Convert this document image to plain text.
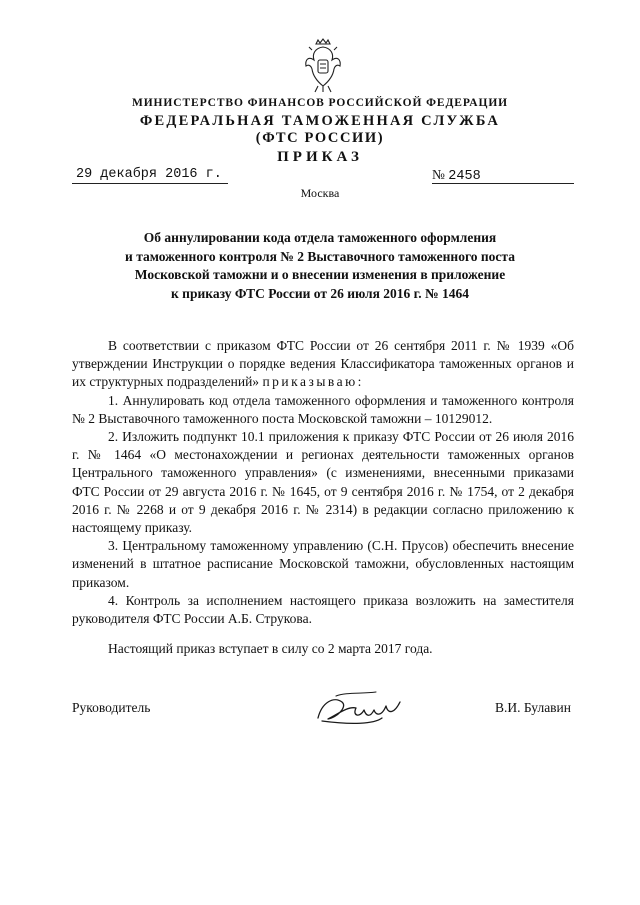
МИНИСТЕРСТВО ФИНАНСОВ РОССИЙСКОЙ ФЕДЕРАЦИИ
ФЕДЕРАЛЬНАЯ ТАМОЖЕННАЯ СЛУЖБА
(ФТС РОССИИ)
ПРИКАЗ
29 декабря 2016 г.	№ 2458
Москва
Об аннулировании кода отдела таможенного оформления
и таможенного контроля № 2 Выставочного таможенного поста
Московской таможни и о внесении изменения в приложение
к приказу ФТС России от 26 июля 2016 г. № 1464

В соответствии с приказом ФТС России от 26 сентября 2011 г. № 1939 «Об утверждении Инструкции о порядке ведения Классификатора таможенных органов и их структурных подразделений» приказываю:

1. Аннулировать код отдела таможенного оформления и таможенного контроля № 2 Выставочного таможенного поста Московской таможни – 10129012.

2. Изложить подпункт 10.1 приложения к приказу ФТС России от 26 июля 2016 г. № 1464 «О местонахождении и регионах деятельности таможенных органов Центрального таможенного управления» (с изменениями, внесенными приказами ФТС России от 29 августа 2016 г. № 1645, от 9 сентября 2016 г. № 1754, от 2 декабря 2016 г. № 2268 и от 9 декабря 2016 г. № 2314) в редакции согласно приложению к настоящему приказу.

3. Центральному таможенному управлению (С.Н. Прусов) обеспечить внесение изменений в штатное расписание Московской таможни, обусловленных настоящим приказом.

4. Контроль за исполнением настоящего приказа возложить на заместителя руководителя ФТС России А.Б. Струкова.

Настоящий приказ вступает в силу со 2 марта 2017 года.

Руководитель	В.И. Булавин
